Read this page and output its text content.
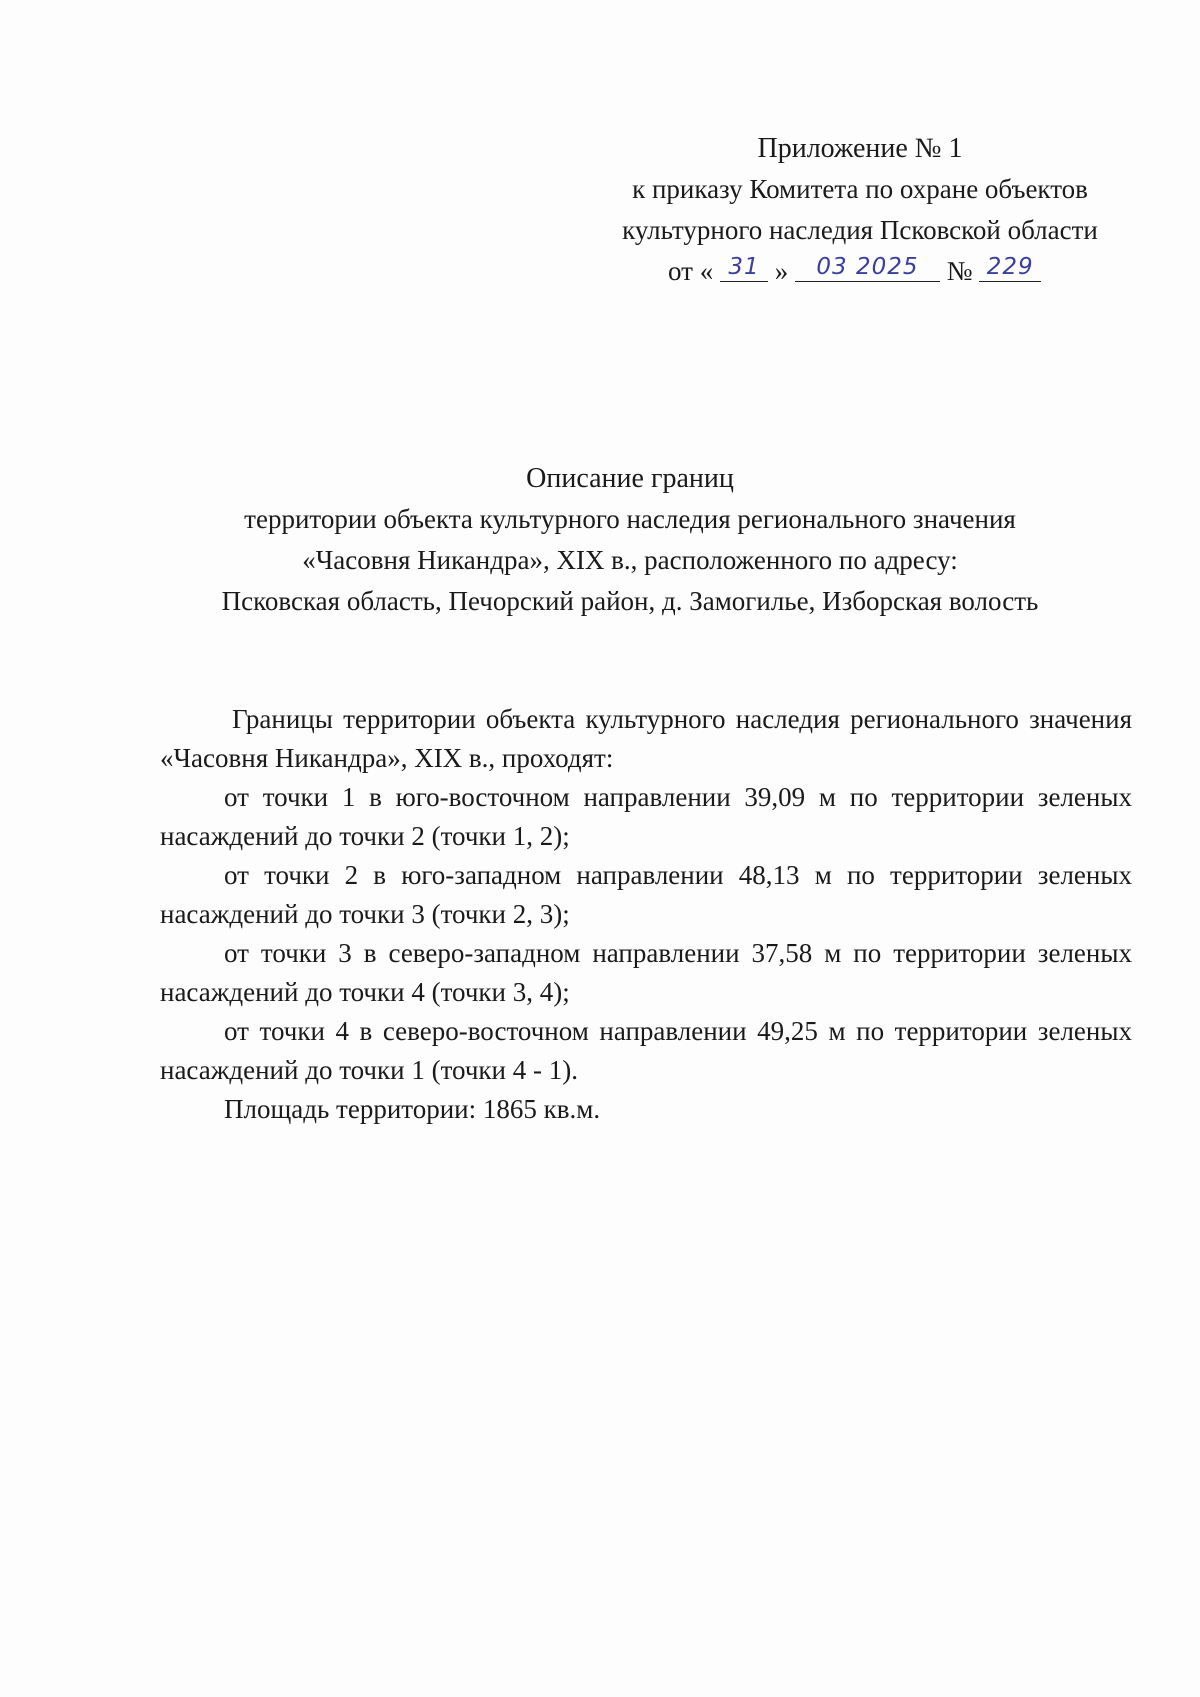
Приложение № 1
к приказу Комитета по охране объектов
культурного наследия Псковской области
от « 31 » 03 2025 № 229
Описание границ
территории объекта культурного наследия регионального значения
«Часовня Никандра», XIX в., расположенного по адресу:
Псковская область, Печорский район, д. Замогилье, Изборская волость

Границы территории объекта культурного наследия регионального значения «Часовня Никандра», XIX в., проходят:

от точки 1 в юго-восточном направлении 39,09 м по территории зеленых насаждений до точки 2 (точки 1, 2);

от точки 2 в юго-западном направлении 48,13 м по территории зеленых насаждений до точки 3 (точки 2, 3);

от точки 3 в северо-западном направлении 37,58 м по территории зеленых насаждений до точки 4 (точки 3, 4);

от точки 4 в северо-восточном направлении 49,25 м по территории зеленых насаждений до точки 1 (точки 4 - 1).

Площадь территории: 1865 кв.м.
